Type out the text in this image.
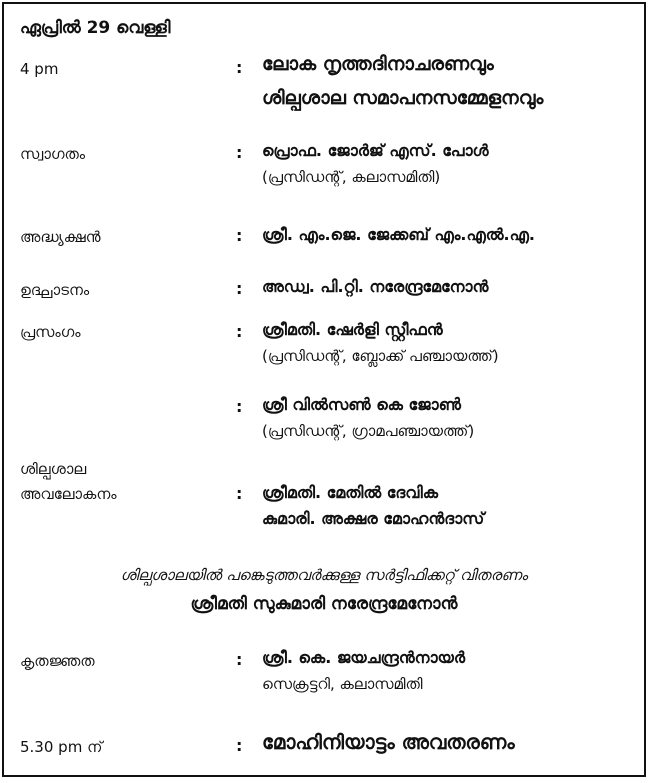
ഏപ്രില്‍ 29 വെള്ളി
4 pm	: ലോക നൃത്തദിനാചരണവും
ശില്പശാല സമാപനസമ്മേളനവും
സ്വാഗതം	: പ്രൊഫ. ജോര്‍ജ് എസ്. പോള്‍
(പ്രസിഡന്റ്, കലാസമിതി)
അദ്ധ്യക്ഷന്‍	: ശ്രീ. എം.ജെ. ജേക്കബ് എം.എല്‍.എ.
ഉദ്ഘാടനം	: അഡ്വ. പി.റ്റി. നരേന്ദ്രമേനോന്‍
പ്രസംഗം	: ശ്രീമതി. ഷേര്‍ളി സ്റ്റീഫന്‍
(പ്രസിഡന്റ്, ബ്ലോക്ക് പഞ്ചായത്ത്)
: ശ്രീ വില്‍സണ്‍ കെ ജോണ്‍
(പ്രസിഡന്റ്, ഗ്രാമപഞ്ചായത്ത്)
ശില്പശാല
അവലോകനം	: ശ്രീമതി. മേതില്‍ ദേവിക
കുമാരി. അക്ഷര മോഹന്‍ദാസ്
ശില്പശാലയില്‍ പങ്കെടുത്തവര്‍ക്കുള്ള സര്‍ട്ടിഫിക്കറ്റ് വിതരണം
ശ്രീമതി സുകുമാരി നരേന്ദ്രമേനോന്‍
കൃതജ്ഞത	: ശ്രീ. കെ. ജയചന്ദ്രന്‍നായര്‍
സെക്രട്ടറി, കലാസമിതി
5.30 pm ന്	: മോഹിനിയാട്ടം അവതരണം
